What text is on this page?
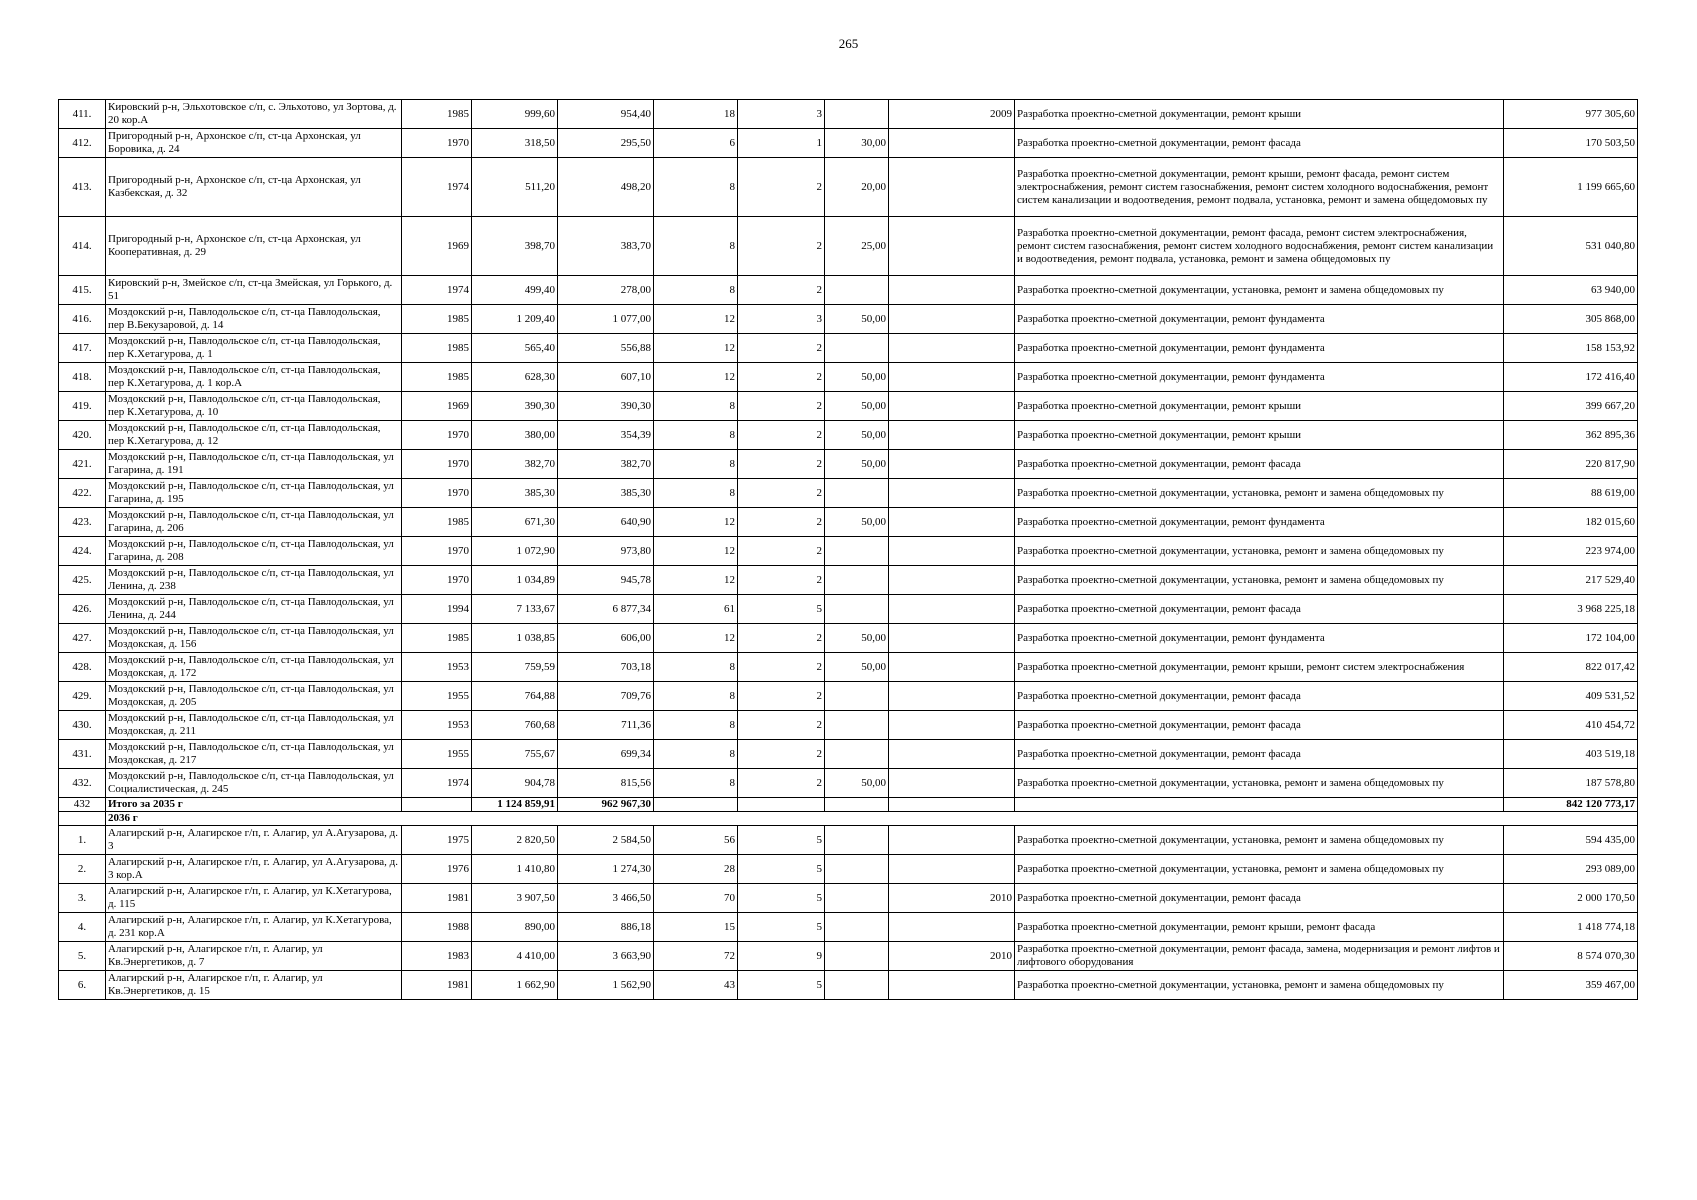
265
411.	Кировский р-н, Эльхотовское с/п, с. Эльхотово, ул Зортова, д. 20 кор.А	1985	999,60	954,40	18	3		2009	Разработка проектно-сметной документации, ремонт крыши	977 305,60
412.	Пригородный р-н, Архонское с/п, ст-ца Архонская, ул Боровика, д. 24	1970	318,50	295,50	6	1	30,00		Разработка проектно-сметной документации, ремонт фасада	170 503,50
413.	Пригородный р-н, Архонское с/п, ст-ца Архонская, ул Казбекская, д. 32	1974	511,20	498,20	8	2	20,00		Разработка проектно-сметной документации, ремонт крыши, ремонт фасада, ремонт систем электроснабжения, ремонт систем газоснабжения, ремонт систем холодного водоснабжения, ремонт систем канализации и водоотведения, ремонт подвала, установка, ремонт и замена общедомовых пу	1 199 665,60
414.	Пригородный р-н, Архонское с/п, ст-ца Архонская, ул Кооперативная, д. 29	1969	398,70	383,70	8	2	25,00		Разработка проектно-сметной документации, ремонт фасада, ремонт систем электроснабжения, ремонт систем газоснабжения, ремонт систем холодного водоснабжения, ремонт систем канализации и водоотведения, ремонт подвала, установка, ремонт и замена общедомовых пу	531 040,80
415.	Кировский р-н, Змейское с/п, ст-ца Змейская, ул Горького, д. 51	1974	499,40	278,00	8	2			Разработка проектно-сметной документации, установка, ремонт и замена общедомовых пу	63 940,00
416.	Моздокский р-н, Павлодольское с/п, ст-ца Павлодольская, пер В.Бекузаровой, д. 14	1985	1 209,40	1 077,00	12	3	50,00		Разработка проектно-сметной документации, ремонт фундамента	305 868,00
417.	Моздокский р-н, Павлодольское с/п, ст-ца Павлодольская, пер К.Хетагурова, д. 1	1985	565,40	556,88	12	2			Разработка проектно-сметной документации, ремонт фундамента	158 153,92
418.	Моздокский р-н, Павлодольское с/п, ст-ца Павлодольская, пер К.Хетагурова, д. 1 кор.А	1985	628,30	607,10	12	2	50,00		Разработка проектно-сметной документации, ремонт фундамента	172 416,40
419.	Моздокский р-н, Павлодольское с/п, ст-ца Павлодольская, пер К.Хетагурова, д. 10	1969	390,30	390,30	8	2	50,00		Разработка проектно-сметной документации, ремонт крыши	399 667,20
420.	Моздокский р-н, Павлодольское с/п, ст-ца Павлодольская, пер К.Хетагурова, д. 12	1970	380,00	354,39	8	2	50,00		Разработка проектно-сметной документации, ремонт крыши	362 895,36
421.	Моздокский р-н, Павлодольское с/п, ст-ца Павлодольская, ул Гагарина, д. 191	1970	382,70	382,70	8	2	50,00		Разработка проектно-сметной документации, ремонт фасада	220 817,90
422.	Моздокский р-н, Павлодольское с/п, ст-ца Павлодольская, ул Гагарина, д. 195	1970	385,30	385,30	8	2			Разработка проектно-сметной документации, установка, ремонт и замена общедомовых пу	88 619,00
423.	Моздокский р-н, Павлодольское с/п, ст-ца Павлодольская, ул Гагарина, д. 206	1985	671,30	640,90	12	2	50,00		Разработка проектно-сметной документации, ремонт фундамента	182 015,60
424.	Моздокский р-н, Павлодольское с/п, ст-ца Павлодольская, ул Гагарина, д. 208	1970	1 072,90	973,80	12	2			Разработка проектно-сметной документации, установка, ремонт и замена общедомовых пу	223 974,00
425.	Моздокский р-н, Павлодольское с/п, ст-ца Павлодольская, ул Ленина, д. 238	1970	1 034,89	945,78	12	2			Разработка проектно-сметной документации, установка, ремонт и замена общедомовых пу	217 529,40
426.	Моздокский р-н, Павлодольское с/п, ст-ца Павлодольская, ул Ленина, д. 244	1994	7 133,67	6 877,34	61	5			Разработка проектно-сметной документации, ремонт фасада	3 968 225,18
427.	Моздокский р-н, Павлодольское с/п, ст-ца Павлодольская, ул Моздокская, д. 156	1985	1 038,85	606,00	12	2	50,00		Разработка проектно-сметной документации, ремонт фундамента	172 104,00
428.	Моздокский р-н, Павлодольское с/п, ст-ца Павлодольская, ул Моздокская, д. 172	1953	759,59	703,18	8	2	50,00		Разработка проектно-сметной документации, ремонт крыши, ремонт систем электроснабжения	822 017,42
429.	Моздокский р-н, Павлодольское с/п, ст-ца Павлодольская, ул Моздокская, д. 205	1955	764,88	709,76	8	2			Разработка проектно-сметной документации, ремонт фасада	409 531,52
430.	Моздокский р-н, Павлодольское с/п, ст-ца Павлодольская, ул Моздокская, д. 211	1953	760,68	711,36	8	2			Разработка проектно-сметной документации, ремонт фасада	410 454,72
431.	Моздокский р-н, Павлодольское с/п, ст-ца Павлодольская, ул Моздокская, д. 217	1955	755,67	699,34	8	2			Разработка проектно-сметной документации, ремонт фасада	403 519,18
432.	Моздокский р-н, Павлодольское с/п, ст-ца Павлодольская, ул Социалистическая, д. 245	1974	904,78	815,56	8	2	50,00		Разработка проектно-сметной документации, установка, ремонт и замена общедомовых пу	187 578,80
432	Итого за 2035 г		1 124 859,91	962 967,30						842 120 773,17
	2036 г									
1.	Алагирский р-н, Алагирское г/п, г. Алагир, ул А.Агузарова, д. 3	1975	2 820,50	2 584,50	56	5			Разработка проектно-сметной документации, установка, ремонт и замена общедомовых пу	594 435,00
2.	Алагирский р-н, Алагирское г/п, г. Алагир, ул А.Агузарова, д. 3 кор.А	1976	1 410,80	1 274,30	28	5			Разработка проектно-сметной документации, установка, ремонт и замена общедомовых пу	293 089,00
3.	Алагирский р-н, Алагирское г/п, г. Алагир, ул К.Хетагурова, д. 115	1981	3 907,50	3 466,50	70	5		2010	Разработка проектно-сметной документации, ремонт фасада	2 000 170,50
4.	Алагирский р-н, Алагирское г/п, г. Алагир, ул К.Хетагурова, д. 231 кор.А	1988	890,00	886,18	15	5			Разработка проектно-сметной документации, ремонт крыши, ремонт фасада	1 418 774,18
5.	Алагирский р-н, Алагирское г/п, г. Алагир, ул Кв.Энергетиков, д. 7	1983	4 410,00	3 663,90	72	9		2010	Разработка проектно-сметной документации, ремонт фасада, замена, модернизация и ремонт лифтов и лифтового оборудования	8 574 070,30
6.	Алагирский р-н, Алагирское г/п, г. Алагир, ул Кв.Энергетиков, д. 15	1981	1 662,90	1 562,90	43	5			Разработка проектно-сметной документации, установка, ремонт и замена общедомовых пу	359 467,00
